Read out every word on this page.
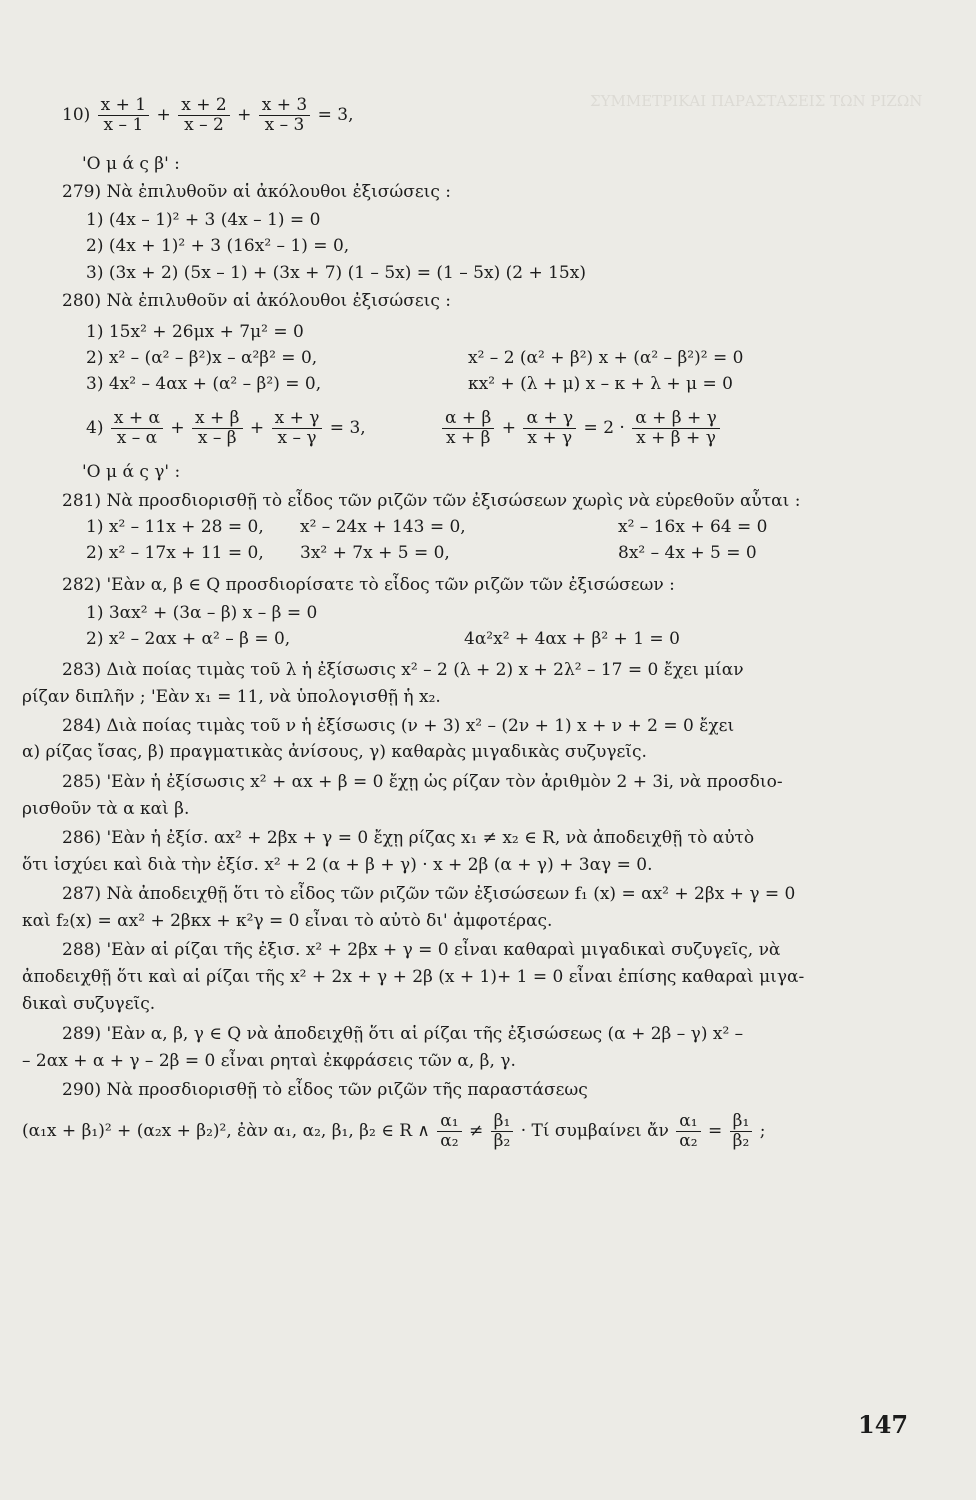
ΣΥΜΜΕΤΡΙΚΑΙ ΠΑΡΑΣΤΑΣΕΙΣ ΤΩΝ ΡΙΖΩΝ
$10) \frac{x + 1}{x - 1} + \frac{x + 2}{x - 2} + \frac{x + 3}{x - 3} = 3$,
'Ο μ ά ς β' :
279) Νὰ ἐπιλυθοῦν αἱ ἀκόλουθοι ἐξισώσεις :
1) (4x – 1)² + 3 (4x – 1) = 0
2) (4x + 1)² + 3 (16x² – 1) = 0,
3) (3x + 2) (5x – 1) + (3x + 7) (1 – 5x) = (1 – 5x) (2 + 15x)
280) Νὰ ἐπιλυθοῦν αἱ ἀκόλουθοι ἐξισώσεις :
1) 15x² + 26μx + 7μ² = 0
2) x² – (α² – β²)x – α²β² = 0,	x² – 2 (α² + β²) x + (α² – β²)² = 0
3) 4x² – 4αx + (α² – β²) = 0,	κx² + (λ + μ) x – κ + λ + μ = 0
$4) \frac{x + \alpha}{x - \alpha} + \frac{x + \beta}{x - \beta} + \frac{x + \gamma}{x - \gamma} = 3$,	$\frac{\alpha + \beta}{x + \beta} + \frac{\alpha + \gamma}{x + \gamma} = 2 \cdot \frac{\alpha + \beta + \gamma}{x + \beta + \gamma}$
'Ο μ ά ς γ' :
281) Νὰ προσδιορισθῇ τὸ εἶδος τῶν ριζῶν τῶν ἐξισώσεων χωρὶς νὰ εὑρεθοῦν αὗται :
1) x² – 11x + 28 = 0, x² – 24x + 143 = 0,	x² – 16x + 64 = 0
2) x² – 17x + 11 = 0, 3x² + 7x + 5 = 0,	8x² – 4x + 5 = 0
282) 'Εὰν α, β ∈ Q προσδιορίσατε τὸ εἶδος τῶν ριζῶν τῶν ἐξισώσεων :
1) 3αx² + (3α – β) x – β = 0
2) x² – 2αx + α² – β = 0,	4α²x² + 4αx + β² + 1 = 0
283) Διὰ ποίας τιμὰς τοῦ λ ἡ ἐξίσωσις x² – 2 (λ + 2) x + 2λ² – 17 = 0 ἔχει μίαν
ρίζαν διπλῆν ; 'Εὰν x₁ = 11, νὰ ὑπολογισθῇ ἡ x₂.
284) Διὰ ποίας τιμὰς τοῦ ν ἡ ἐξίσωσις (ν + 3) x² – (2ν + 1) x + ν + 2 = 0 ἔχει
α) ρίζας ἴσας, β) πραγματικὰς ἀνίσους, γ) καθαρὰς μιγαδικὰς συζυγεῖς.
285) 'Εὰν ἡ ἐξίσωσις x² + αx + β = 0 ἔχῃ ὡς ρίζαν τὸν ἀριθμὸν 2 + 3i, νὰ προσδιο-
ρισθοῦν τὰ α καὶ β.
286) 'Εὰν ἡ ἐξίσ. αx² + 2βx + γ = 0 ἔχῃ ρίζας x₁ ≠ x₂ ∈ R, νὰ ἀποδειχθῇ τὸ αὐτὸ
ὅτι ἰσχύει καὶ διὰ τὴν ἐξίσ. x² + 2 (α + β + γ) · x + 2β (α + γ) + 3αγ = 0.
287) Νὰ ἀποδειχθῇ ὅτι τὸ εἶδος τῶν ριζῶν τῶν ἐξισώσεων f₁ (x) = αx² + 2βx + γ = 0
καὶ f₂(x) = αx² + 2βκx + κ²γ = 0 εἶναι τὸ αὐτὸ δι' ἀμφοτέρας.
288) 'Εὰν αἱ ρίζαι τῆς ἐξισ. x² + 2βx + γ = 0 εἶναι καθαραὶ μιγαδικαὶ συζυγεῖς, νὰ
ἀποδειχθῇ ὅτι καὶ αἱ ρίζαι τῆς x² + 2x + γ + 2β (x + 1)+ 1 = 0 εἶναι ἐπίσης καθαραὶ μιγα-
δικαὶ συζυγεῖς.
289) 'Εὰν α, β, γ ∈ Q νὰ ἀποδειχθῇ ὅτι αἱ ρίζαι τῆς ἐξισώσεως (α + 2β – γ) x² –
– 2αx + α + γ – 2β = 0 εἶναι ρηταὶ ἐκφράσεις τῶν α, β, γ.
290) Νὰ προσδιορισθῇ τὸ εἶδος τῶν ριζῶν τῆς παραστάσεως
(α₁x + β₁)² + (α₂x + β₂)², ἐὰν α₁, α₂, β₁, β₂ ∈ R ∧ $\frac{\text{α₁}}{\text{α₂}} \ne \frac{\text{β₁}}{\text{β₂}} \cdot Tί$ συμβαίνει ἄν $\frac{\text{α₁}}{\text{α₂}} = \frac{\text{β₁}}{\text{β₂}}$ ;
147
